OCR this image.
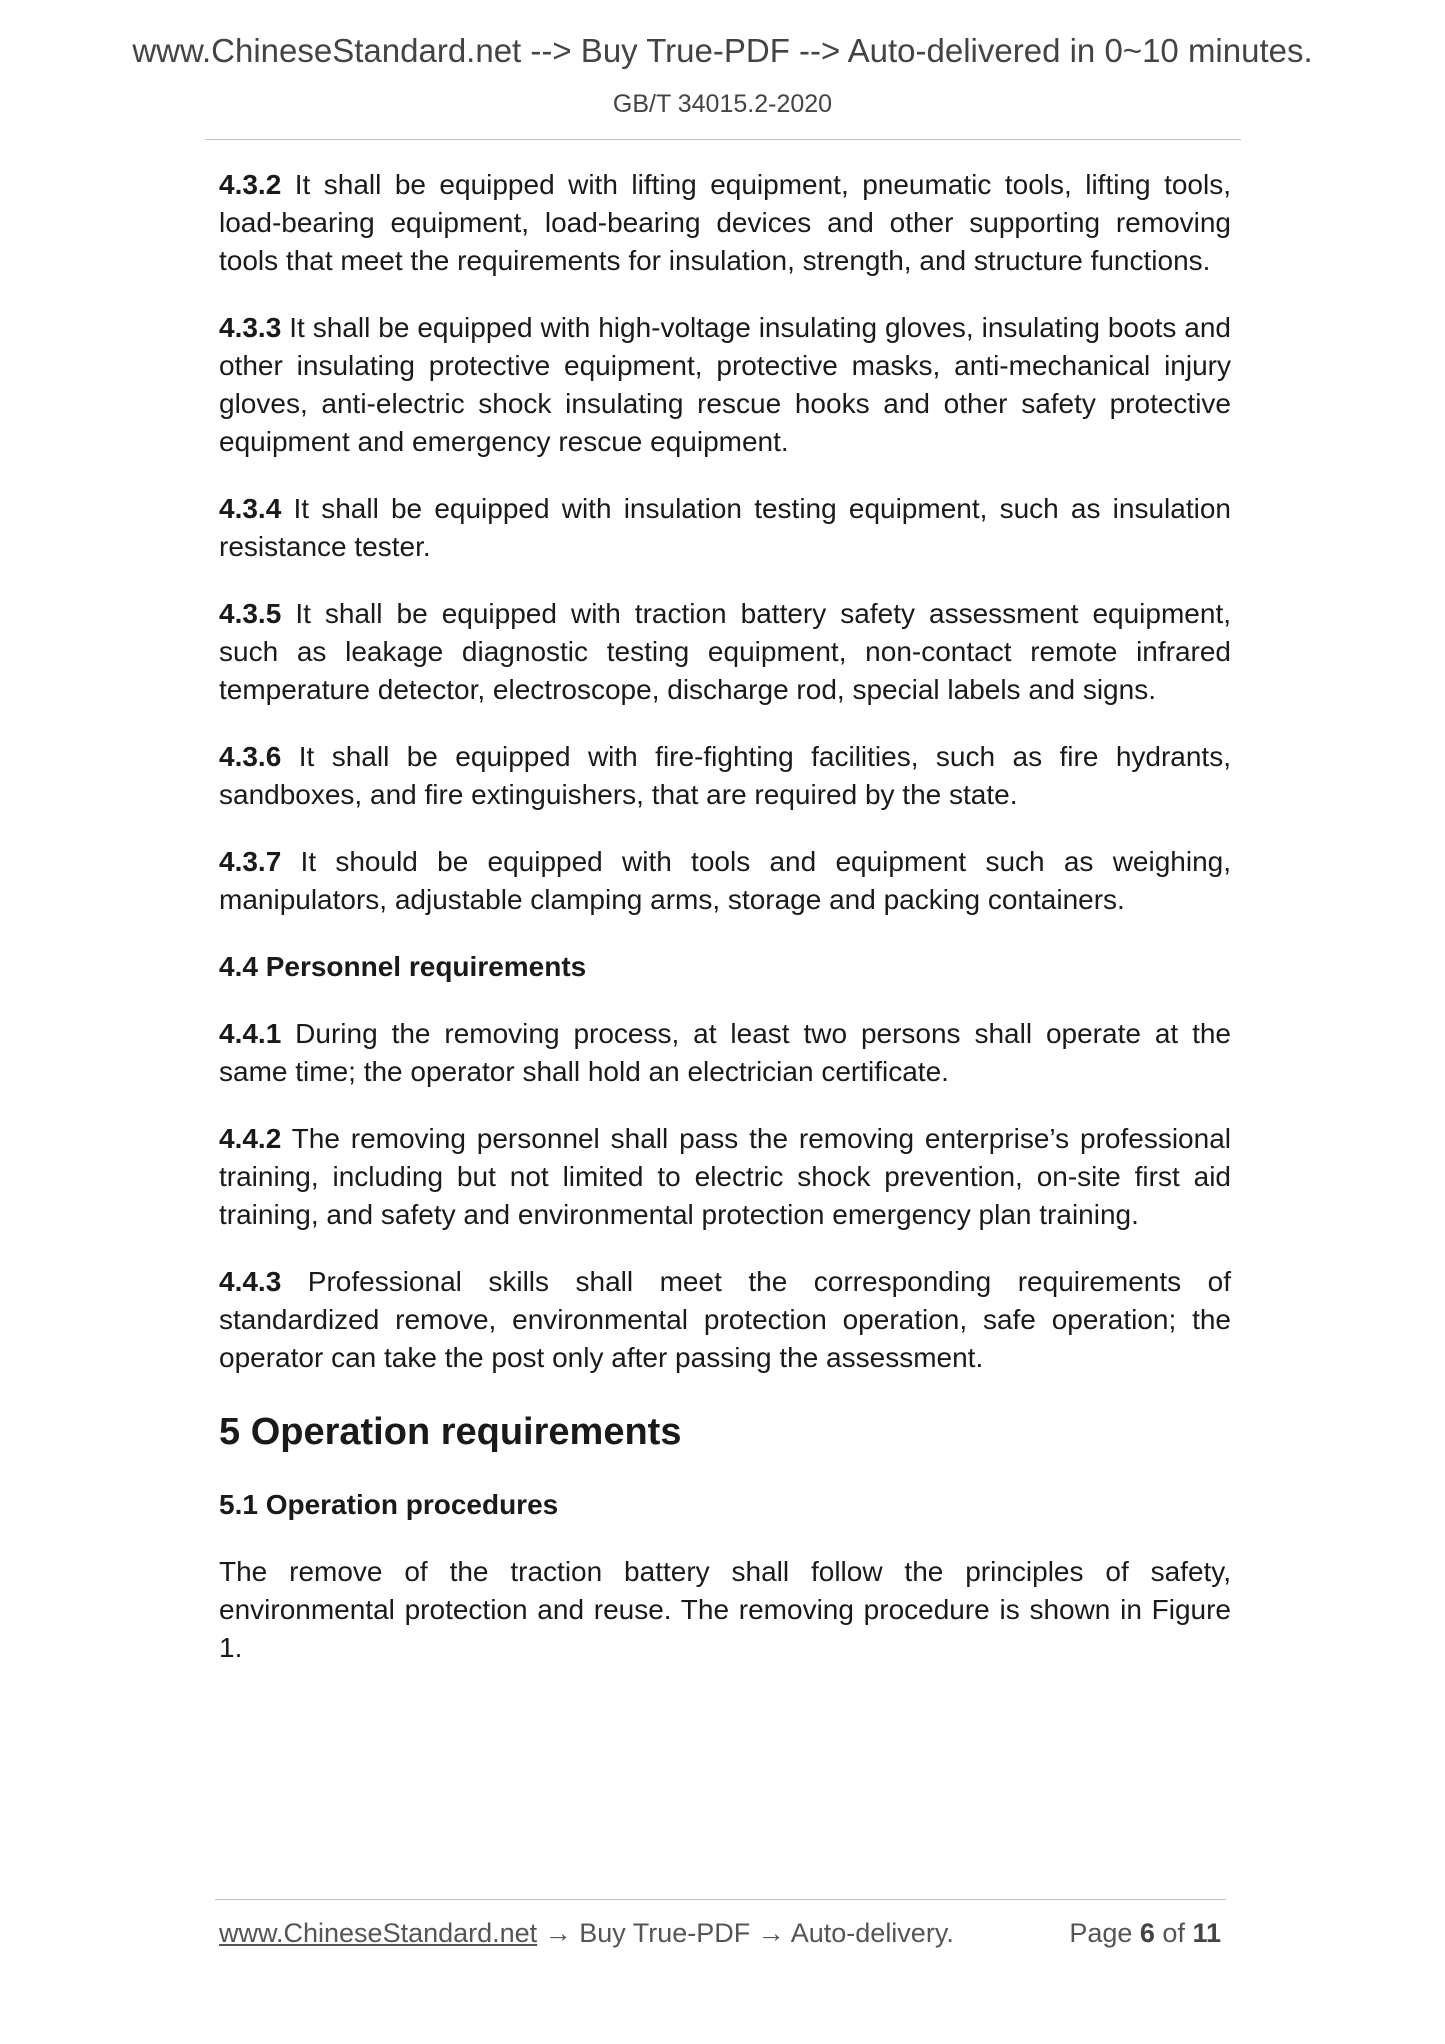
www.ChineseStandard.net --> Buy True-PDF --> Auto-delivered in 0~10 minutes.
GB/T 34015.2-2020

4.3.2 It shall be equipped with lifting equipment, pneumatic tools, lifting tools, load-bearing equipment, load-bearing devices and other supporting removing tools that meet the requirements for insulation, strength, and structure functions.

4.3.3 It shall be equipped with high-voltage insulating gloves, insulating boots and other insulating protective equipment, protective masks, anti-mechanical injury gloves, anti-electric shock insulating rescue hooks and other safety protective equipment and emergency rescue equipment.

4.3.4 It shall be equipped with insulation testing equipment, such as insulation resistance tester.

4.3.5 It shall be equipped with traction battery safety assessment equipment, such as leakage diagnostic testing equipment, non-contact remote infrared temperature detector, electroscope, discharge rod, special labels and signs.

4.3.6 It shall be equipped with fire-fighting facilities, such as fire hydrants, sandboxes, and fire extinguishers, that are required by the state.

4.3.7 It should be equipped with tools and equipment such as weighing, manipulators, adjustable clamping arms, storage and packing containers.

4.4 Personnel requirements

4.4.1 During the removing process, at least two persons shall operate at the same time; the operator shall hold an electrician certificate.

4.4.2 The removing personnel shall pass the removing enterprise’s professional training, including but not limited to electric shock prevention, on-site first aid training, and safety and environmental protection emergency plan training.

4.4.3 Professional skills shall meet the corresponding requirements of standardized remove, environmental protection operation, safe operation; the operator can take the post only after passing the assessment.

5 Operation requirements

5.1 Operation procedures

The remove of the traction battery shall follow the principles of safety, environmental protection and reuse. The removing procedure is shown in Figure 1.

www.ChineseStandard.net → Buy True-PDF → Auto-delivery.	Page 6 of 11
